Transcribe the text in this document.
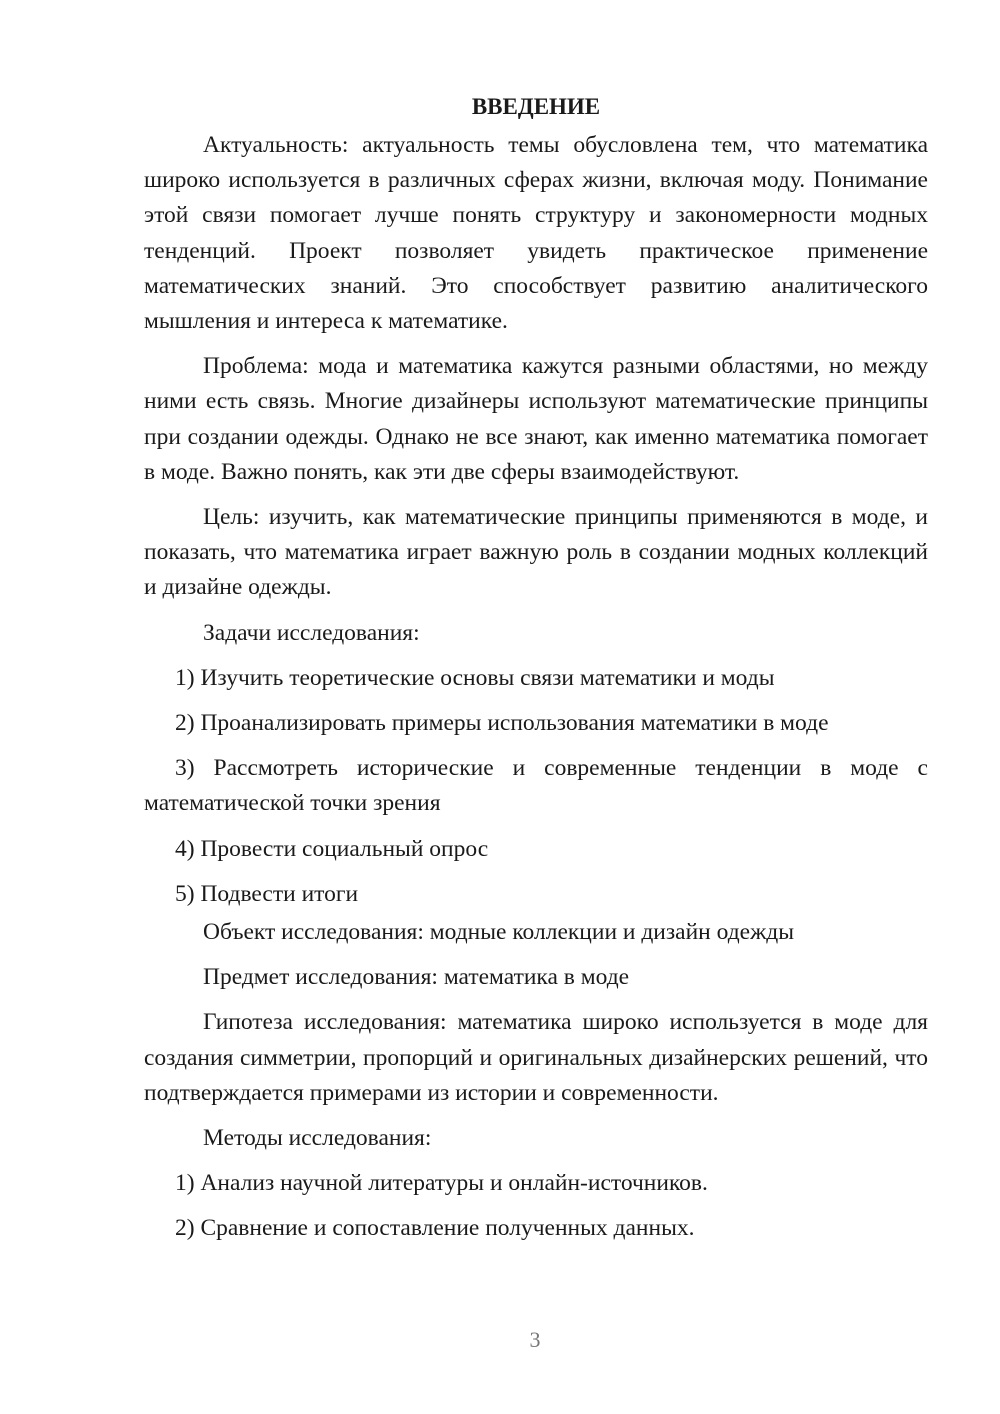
ВВЕДЕНИЕ

Актуальность: актуальность темы обусловлена тем, что математика широко используется в различных сферах жизни, включая моду. Понимание этой связи помогает лучше понять структуру и закономерности модных тенденций. Проект позволяет увидеть практическое применение математических знаний. Это способствует развитию аналитического мышления и интереса к математике.

Проблема: мода и математика кажутся разными областями, но между ними есть связь. Многие дизайнеры используют математические принципы при создании одежды. Однако не все знают, как именно математика помогает в моде. Важно понять, как эти две сферы взаимодействуют.

Цель: изучить, как математические принципы применяются в моде, и показать, что математика играет важную роль в создании модных коллекций и дизайне одежды.

Задачи исследования:

1) Изучить теоретические основы связи математики и моды

2) Проанализировать примеры использования математики в моде

3) Рассмотреть исторические и современные тенденции в моде с математической точки зрения

4) Провести социальный опрос

5) Подвести итоги

Объект исследования: модные коллекции и дизайн одежды

Предмет исследования: математика в моде

Гипотеза исследования: математика широко используется в моде для создания симметрии, пропорций и оригинальных дизайнерских решений, что подтверждается примерами из истории и современности.

Методы исследования:

1) Анализ научной литературы и онлайн-источников.

2) Сравнение и сопоставление полученных данных.

3
